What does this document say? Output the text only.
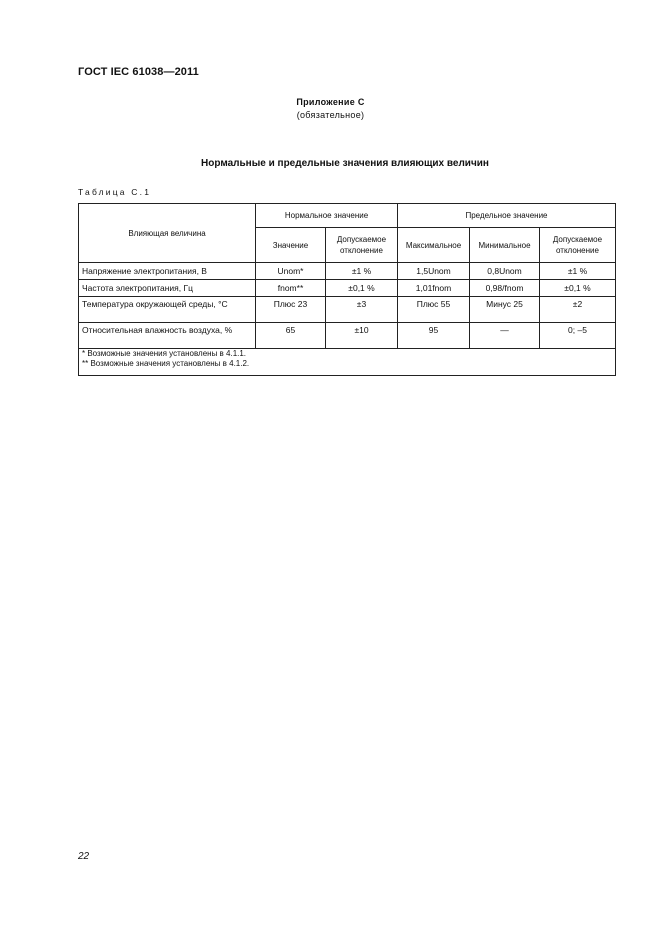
ГОСТ IEC 61038—2011
Приложение С
(обязательное)
Нормальные и предельные значения влияющих величин
Таблица С.1
Влияющая величина	Нормальное значение		Предельное значение		
	Значение	Допускаемое отклонение	Максимальное	Минимальное	Допускаемое отклонение
Напряжение электропитания, В	Unom*	±1 %	1,5Unom	0,8Unom	±1 %
Частота электропитания, Гц	fnom**	±0,1 %	1,01fnom	0,98/fnom	±0,1 %
Температура окружающей среды, °С	Плюс 23	±3	Плюс 55	Минус 25	±2
Относительная влажность воздуха, %	65	±10	95	—	0; –5

* Возможные значения установлены в 4.1.1.
** Возможные значения установлены в 4.1.2.					
22
